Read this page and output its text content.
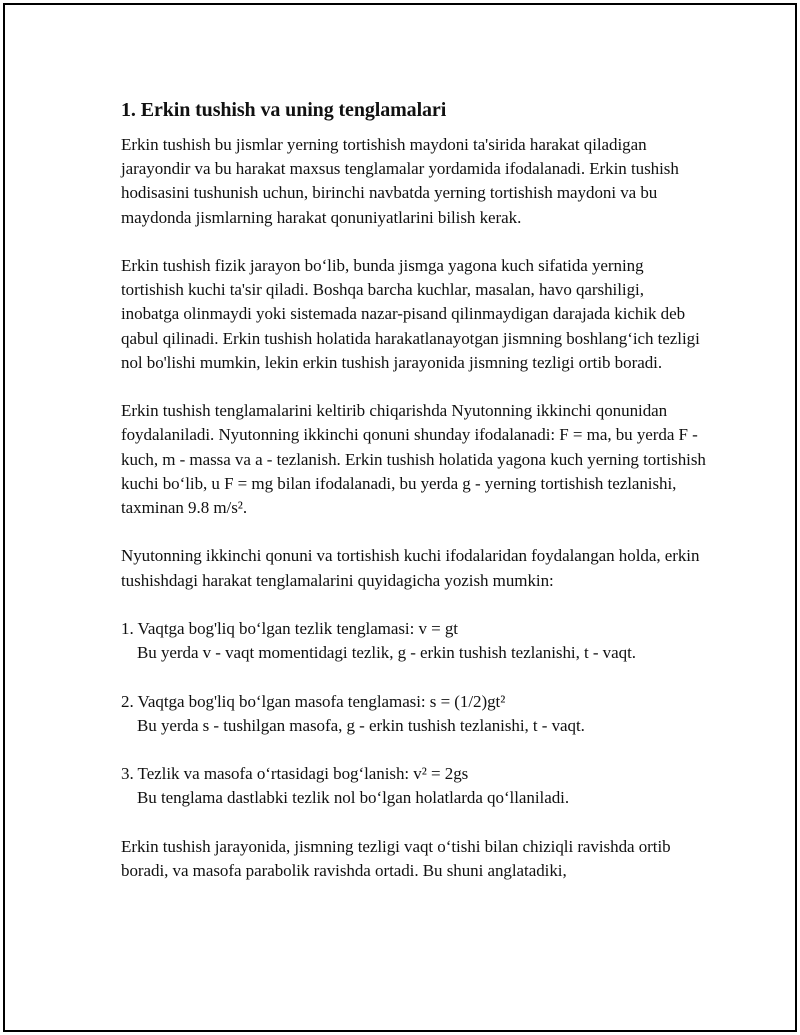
1. Erkin tushish va uning tenglamalari

Erkin tushish bu jismlar yerning tortishish maydoni ta'sirida harakat qiladigan jarayondir va bu harakat maxsus tenglamalar yordamida ifodalanadi. Erkin tushish hodisasini tushunish uchun, birinchi navbatda yerning tortishish maydoni va bu maydonda jismlarning harakat qonuniyatlarini bilish kerak.

Erkin tushish fizik jarayon bo‘lib, bunda jismga yagona kuch sifatida yerning tortishish kuchi ta'sir qiladi. Boshqa barcha kuchlar, masalan, havo qarshiligi, inobatga olinmaydi yoki sistemada nazar-pisand qilinmaydigan darajada kichik deb qabul qilinadi. Erkin tushish holatida harakatlanayotgan jismning boshlang‘ich tezligi nol bo'lishi mumkin, lekin erkin tushish jarayonida jismning tezligi ortib boradi.

Erkin tushish tenglamalarini keltirib chiqarishda Nyutonning ikkinchi qonunidan foydalaniladi. Nyutonning ikkinchi qonuni shunday ifodalanadi: F = ma, bu yerda F - kuch, m - massa va a - tezlanish. Erkin tushish holatida yagona kuch yerning tortishish kuchi bo‘lib, u F = mg bilan ifodalanadi, bu yerda g - yerning tortishish tezlanishi, taxminan 9.8 m/s².

Nyutonning ikkinchi qonuni va tortishish kuchi ifodalaridan foydalangan holda, erkin tushishdagi harakat tenglamalarini quyidagicha yozish mumkin:

1. Vaqtga bog'liq bo‘lgan tezlik tenglamasi: v = gt
Bu yerda v - vaqt momentidagi tezlik, g - erkin tushish tezlanishi, t - vaqt.
2. Vaqtga bog'liq bo‘lgan masofa tenglamasi: s = (1/2)gt²
Bu yerda s - tushilgan masofa, g - erkin tushish tezlanishi, t - vaqt.
3. Tezlik va masofa o‘rtasidagi bog‘lanish: v² = 2gs
Bu tenglama dastlabki tezlik nol bo‘lgan holatlarda qo‘llaniladi.

Erkin tushish jarayonida, jismning tezligi vaqt o‘tishi bilan chiziqli ravishda ortib boradi, va masofa parabolik ravishda ortadi. Bu shuni anglatadiki,
